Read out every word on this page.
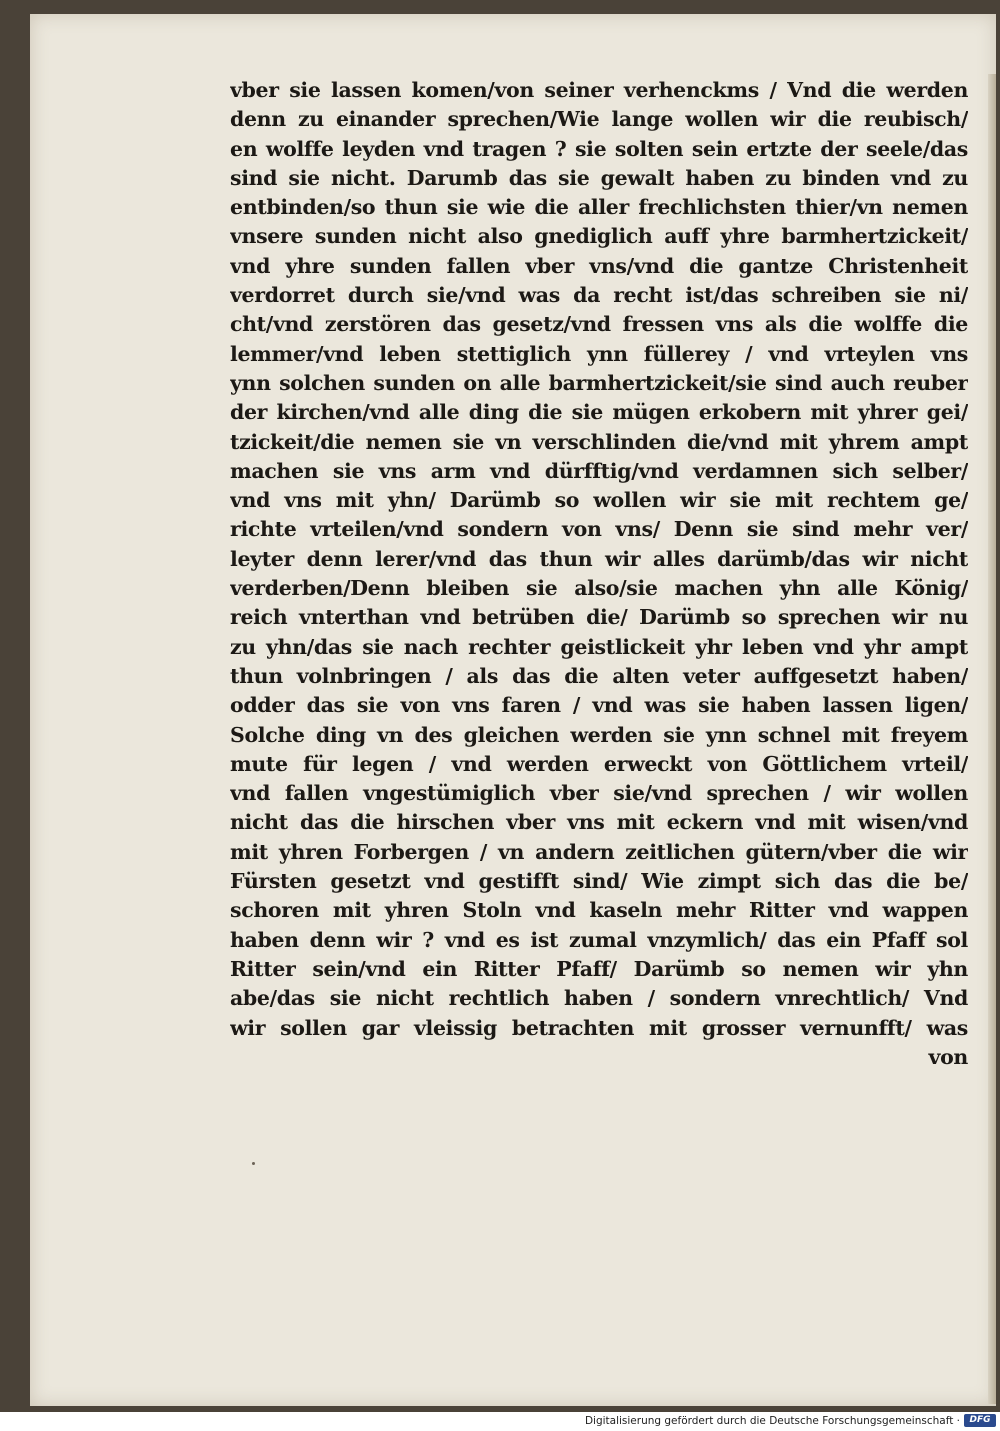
vber sie lassen komen/von seiner verhenckms / Vnd die werden
denn zu einander sprechen/Wie lange wollen wir die reubisch/
en wolffe leyden vnd tragen ? sie solten sein ertzte der seele/das
sind sie nicht. Darumb das sie gewalt haben zu binden vnd zu
entbinden/so thun sie wie die aller frechlichsten thier/vn nemen
vnsere sunden nicht also gnediglich auff yhre barmhertzickeit/
vnd yhre sunden fallen vber vns/vnd die gantze Christenheit
verdorret durch sie/vnd was da recht ist/das schreiben sie ni/
cht/vnd zerstören das gesetz/vnd fressen vns als die wolffe die
lemmer/vnd leben stettiglich ynn füllerey / vnd vrteylen vns
ynn solchen sunden on alle barmhertzickeit/sie sind auch reuber
der kirchen/vnd alle ding die sie mügen erkobern mit yhrer gei/
tzickeit/die nemen sie vn verschlinden die/vnd mit yhrem ampt
machen sie vns arm vnd dürfftig/vnd verdamnen sich selber/
vnd vns mit yhn/ Darümb so wollen wir sie mit rechtem ge/
richte vrteilen/vnd sondern von vns/ Denn sie sind mehr ver/
leyter denn lerer/vnd das thun wir alles darümb/das wir nicht
verderben/Denn bleiben sie also/sie machen yhn alle König/
reich vnterthan vnd betrüben die/ Darümb so sprechen wir nu
zu yhn/das sie nach rechter geistlickeit yhr leben vnd yhr ampt
thun volnbringen / als das die alten veter auffgesetzt haben/
odder das sie von vns faren / vnd was sie haben lassen ligen/
Solche ding vn des gleichen werden sie ynn schnel mit freyem
mute für legen / vnd werden erweckt von Göttlichem vrteil/
vnd fallen vngestümiglich vber sie/vnd sprechen / wir wollen
nicht das die hirschen vber vns mit eckern vnd mit wisen/vnd
mit yhren Forbergen / vn andern zeitlichen gütern/vber die wir
Fürsten gesetzt vnd gestifft sind/ Wie zimpt sich das die be/
schoren mit yhren Stoln vnd kaseln mehr Ritter vnd wappen
haben denn wir ? vnd es ist zumal vnzymlich/ das ein Pfaff sol
Ritter sein/vnd ein Ritter Pfaff/ Darümb so nemen wir yhn
abe/das sie nicht rechtlich haben / sondern vnrechtlich/ Vnd
wir sollen gar vleissig betrachten mit grosser vernunfft/ was
von
Digitalisierung gefördert durch die Deutsche Forschungsgemeinschaft ·	DFG
